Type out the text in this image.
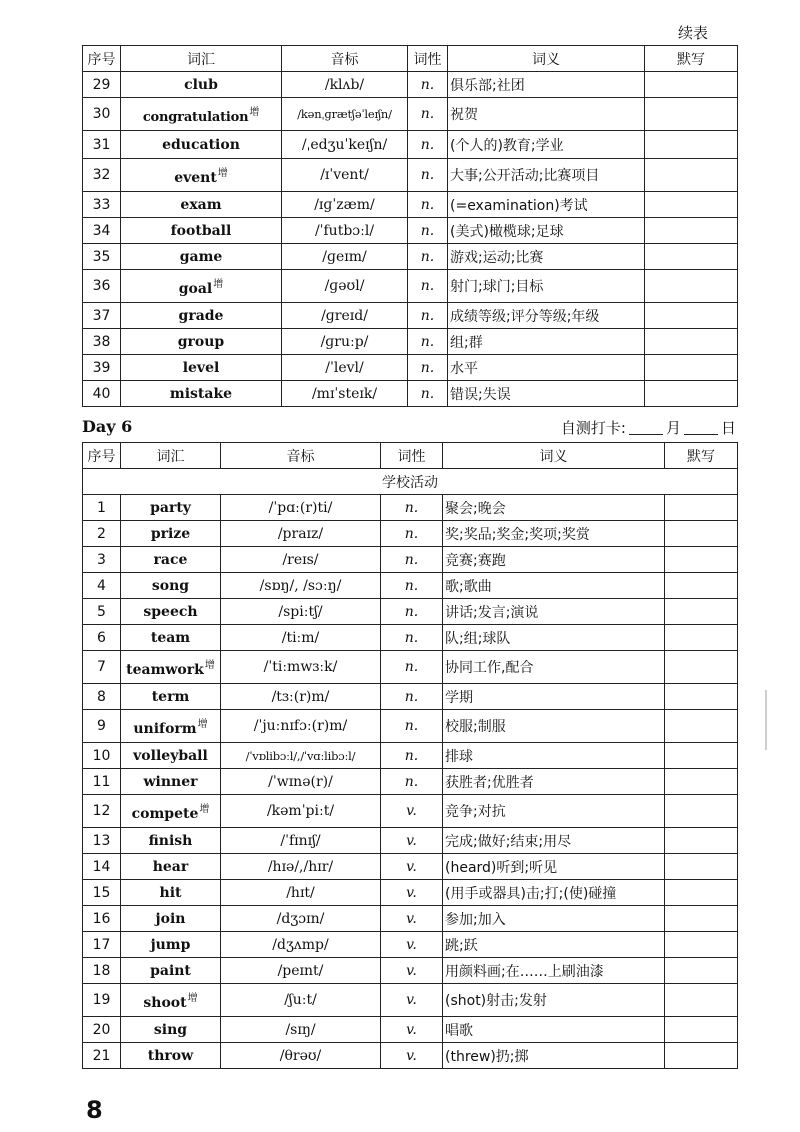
续表
序号	词汇	音标	词性	词义	默写
29	club	/klʌb/	n.	俱乐部;社团	
30	congratulation$^增$	/kənˌɡrætʃəˈleɪʃn/	n.	祝贺	
31	education	/ˌedʒuˈkeɪʃn/	n.	(个人的)教育;学业	
32	event$^增$	/ɪˈvent/	n.	大事;公开活动;比赛项目	
33	exam	/ɪɡˈzæm/	n.	(=examination)考试	
34	football	/ˈfutbɔːl/	n.	(美式)橄榄球;足球	
35	game	/ɡeɪm/	n.	游戏;运动;比赛	
36	goal$^增$	/ɡəʊl/	n.	射门;球门;目标	
37	grade	/ɡreɪd/	n.	成绩等级;评分等级;年级	
38	group	/ɡruːp/	n.	组;群	
39	level	/ˈlevl/	n.	水平	
40	mistake	/mɪˈsteɪk/	n.	错误;失误	
Day 6	自测打卡:	月	日
序号	词汇	音标	词性	词义	默写
学校活动					
1	party	/ˈpɑː(r)ti/	n.	聚会;晚会	
2	prize	/praɪz/	n.	奖;奖品;奖金;奖项;奖赏	
3	race	/reɪs/	n.	竞赛;赛跑	
4	song	/sɒŋ/, /sɔːŋ/	n.	歌;歌曲	
5	speech	/spiːtʃ/	n.	讲话;发言;演说	
6	team	/tiːm/	n.	队;组;球队	
7	teamwork$^增$	/ˈtiːmwɜːk/	n.	协同工作,配合	
8	term	/tɜː(r)m/	n.	学期	
9	uniform$^增$	/ˈjuːnɪfɔː(r)m/	n.	校服;制服	
10	volleyball	/ˈvɒlibɔːl/,/ˈvɑːlibɔːl/	n.	排球	
11	winner	/ˈwɪnə(r)/	n.	获胜者;优胜者	
12	compete$^增$	/kəmˈpiːt/	v.	竞争;对抗	
13	finish	/ˈfɪnɪʃ/	v.	完成;做好;结束;用尽	
14	hear	/hɪə/,/hɪr/	v.	(heard)听到;听见	
15	hit	/hɪt/	v.	(用手或器具)击;打;(使)碰撞	
16	join	/dʒɔɪn/	v.	参加;加入	
17	jump	/dʒʌmp/	v.	跳;跃	
18	paint	/peɪnt/	v.	用颜料画;在……上刷油漆	
19	shoot$^增$	/ʃuːt/	v.	(shot)射击;发射	
20	sing	/sɪŋ/	v.	唱歌	
21	throw	/θrəʊ/	v.	(threw)扔;掷	
8
